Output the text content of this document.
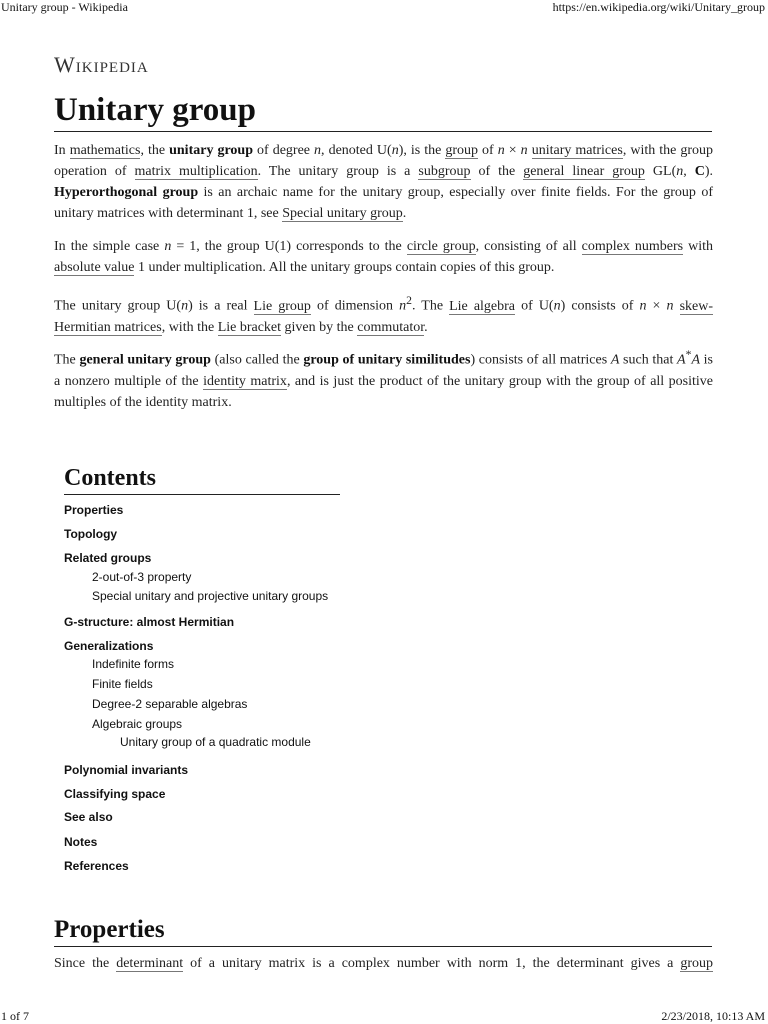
Unitary group - Wikipedia	https://en.wikipedia.org/wiki/Unitary_group
1 of 7	2/23/2018, 10:13 AM
Wikipedia
Unitary group

In mathematics, the unitary group of degree n, denoted U(n), is the group of n × n unitary matrices, with the group operation of matrix multiplication. The unitary group is a subgroup of the general linear group GL(n, C). Hyperorthogonal group is an archaic name for the unitary group, especially over finite fields. For the group of unitary matrices with determinant 1, see Special unitary group.

In the simple case n = 1, the group U(1) corresponds to the circle group, consisting of all complex numbers with absolute value 1 under multiplication. All the unitary groups contain copies of this group.

The unitary group U(n) is a real Lie group of dimension $n^2$. The Lie algebra of U(n) consists of n × n skew-Hermitian matrices, with the Lie bracket given by the commutator.

The general unitary group (also called the group of unitary similitudes) consists of all matrices A such that A*A is a nonzero multiple of the identity matrix, and is just the product of the unitary group with the group of all positive multiples of the identity matrix.

Contents
Properties
Topology
Related groups
2-out-of-3 property
Special unitary and projective unitary groups
G-structure: almost Hermitian
Generalizations
Indefinite forms
Finite fields
Degree-2 separable algebras
Algebraic groups
Unitary group of a quadratic module
Polynomial invariants
Classifying space
See also
Notes
References
Properties

Since the determinant of a unitary matrix is a complex number with norm 1, the determinant gives a group
